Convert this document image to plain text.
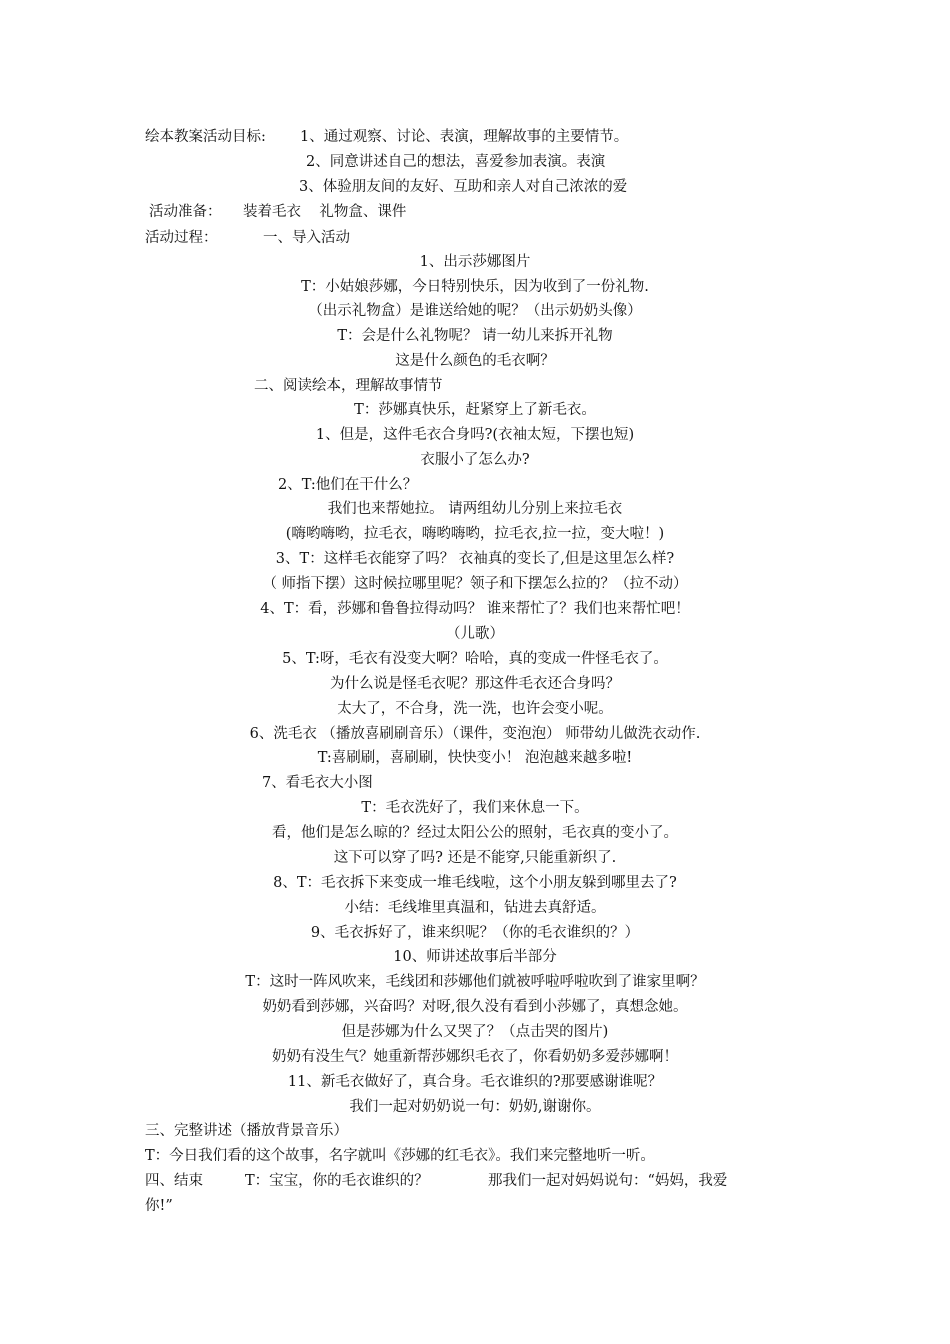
绘本教案活动目标: 1、通过观察、讨论、表演，理解故事的主要情节。
2、同意讲述自己的想法，喜爱参加表演。表演
3、体验朋友间的友好、互助和亲人对自己浓浓的爱
活动准备： 装着毛衣    礼物盒、课件
活动过程：	一、导入活动
1、出示莎娜图片
T：小姑娘莎娜，今日特别快乐，因为收到了一份礼物.
（出示礼物盒）是谁送给她的呢？（出示奶奶头像）
T：会是什么礼物呢？ 请一幼儿来拆开礼物
这是什么颜色的毛衣啊？
二、阅读绘本，理解故事情节
T：莎娜真快乐，赶紧穿上了新毛衣。
1、但是，这件毛衣合身吗?(衣袖太短，下摆也短)
衣服小了怎么办?
2、T:他们在干什么？
我们也来帮她拉。 请两组幼儿分别上来拉毛衣
(嗨哟嗨哟，拉毛衣，嗨哟嗨哟，拉毛衣,拉一拉，变大啦！)
3、T：这样毛衣能穿了吗？ 衣袖真的变长了,但是这里怎么样?
（ 师指下摆）这时候拉哪里呢？领子和下摆怎么拉的？（拉不动）
4、T：看，莎娜和鲁鲁拉得动吗？ 谁来帮忙了？我们也来帮忙吧！
（儿歌）
5、T:呀，毛衣有没变大啊？哈哈，真的变成一件怪毛衣了。
为什么说是怪毛衣呢？那这件毛衣还合身吗？
太大了，不合身，洗一洗，也许会变小呢。
6、洗毛衣 （播放喜刷刷音乐）（课件，变泡泡） 师带幼儿做洗衣动作.
T:喜刷刷，喜刷刷，快快变小！ 泡泡越来越多啦!
7、看毛衣大小图
T：毛衣洗好了，我们来休息一下。
看，他们是怎么晾的？经过太阳公公的照射，毛衣真的变小了。
这下可以穿了吗? 还是不能穿,只能重新织了.
8、T：毛衣拆下来变成一堆毛线啦，这个小朋友躲到哪里去了?
小结：毛线堆里真温和，钻进去真舒适。
9、毛衣拆好了，谁来织呢？（你的毛衣谁织的？）
10、师讲述故事后半部分
T：这时一阵风吹来，毛线团和莎娜他们就被呼啦呼啦吹到了谁家里啊？
奶奶看到莎娜，兴奋吗？对呀,很久没有看到小莎娜了，真想念她。
但是莎娜为什么又哭了？（点击哭的图片)
奶奶有没生气？她重新帮莎娜织毛衣了，你看奶奶多爱莎娜啊！
11、新毛衣做好了，真合身。毛衣谁织的?那要感谢谁呢？
我们一起对奶奶说一句：奶奶,谢谢你。
三、完整讲述（播放背景音乐）
T：今日我们看的这个故事，名字就叫《莎娜的红毛衣》。我们来完整地听一听。
四、结束	T：宝宝，你的毛衣谁织的？	那我们一起对妈妈说句：“妈妈，我爱
你!”
